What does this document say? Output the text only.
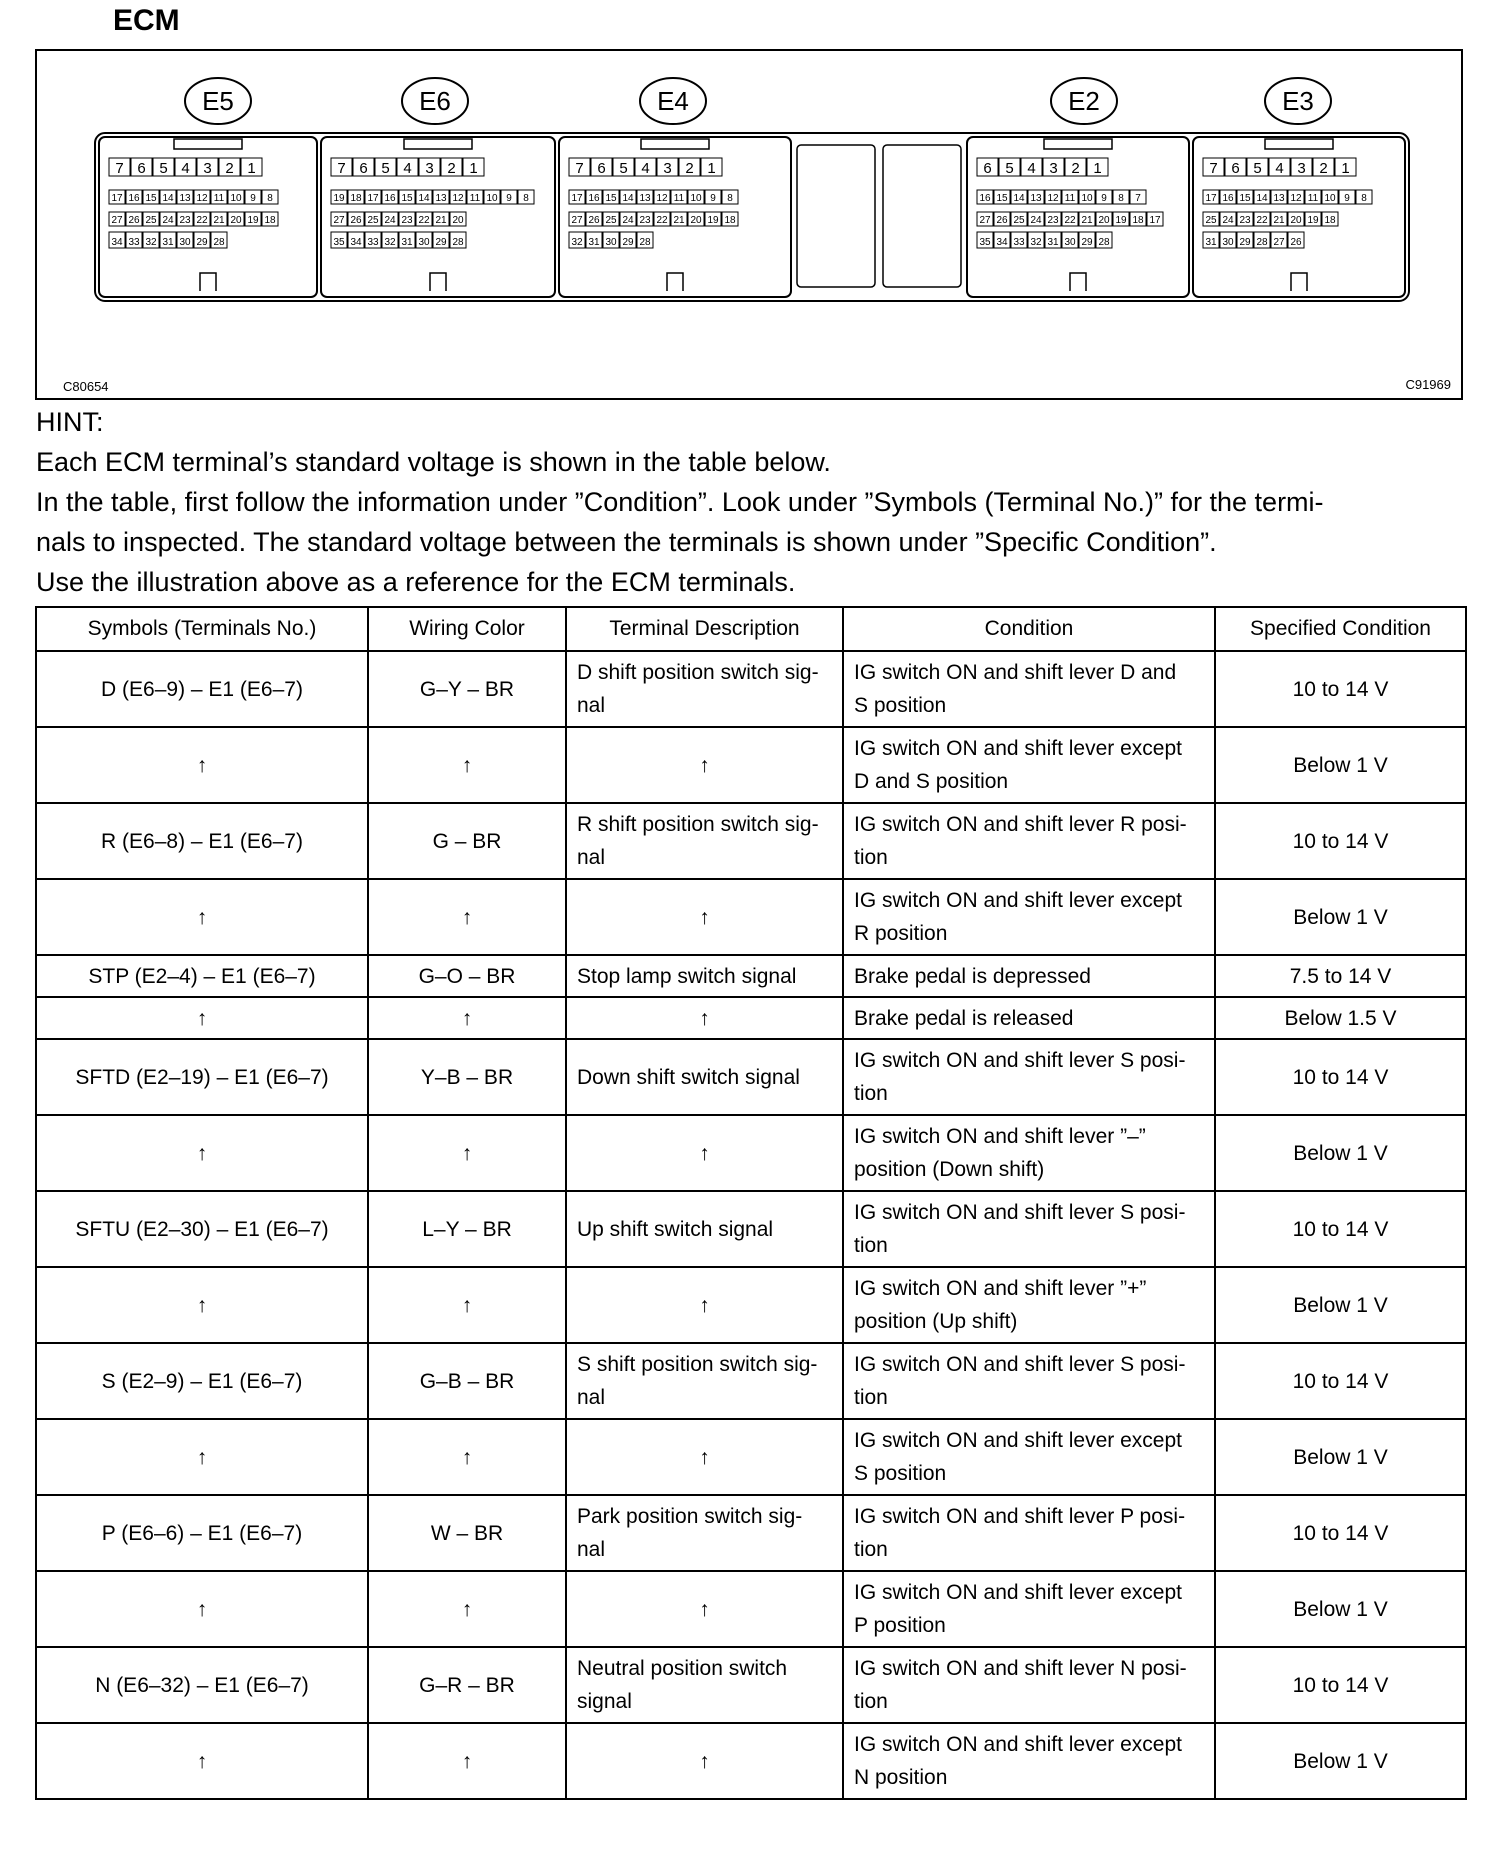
ECM
E5
7 6 5 4 3 2 1
17 16 15 14 13 12 11 10 9 8
27 26 25 24 23 22 21 20 19 18
34 33 32 31 30 29 28
E6
7 6 5 4 3 2 1
19 18 17 16 15 14 13 12 11 10 9 8
27 26 25 24 23 22 21 20
35 34 33 32 31 30 29 28
E4
7 6 5 4 3 2 1
17 16 15 14 13 12 11 10 9 8
27 26 25 24 23 22 21 20 19 18
32 31 30 29 28
E2
6 5 4 3 2 1
16 15 14 13 12 11 10 9 8 7
27 26 25 24 23 22 21 20 19 18 17
35 34 33 32 31 30 29 28
E3
7 6 5 4 3 2 1
17 16 15 14 13 12 11 10 9 8
25 24 23 22 21 20 19 18
31 30 29 28 27 26
C80654	C91969

HINT:

Each ECM terminal’s standard voltage is shown in the table below.

In the table, first follow the information under ”Condition”. Look under ”Symbols (Terminal No.)” for the termi-

nals to inspected. The standard voltage between the terminals is shown under ”Specific Condition”.

Use the illustration above as a reference for the ECM terminals.

Symbols (Terminals No.)	Wiring Color	Terminal Description	Condition	Specified Condition
D (E6–9) – E1 (E6–7)	G–Y – BR	D shift position switch sig-
nal	IG switch ON and shift lever D and
S position	10 to 14 V
↑	↑	↑	IG switch ON and shift lever except
D and S position	Below 1 V
R (E6–8) – E1 (E6–7)	G – BR	R shift position switch sig-
nal	IG switch ON and shift lever R posi-
tion	10 to 14 V
↑	↑	↑	IG switch ON and shift lever except
R position	Below 1 V
STP (E2–4) – E1 (E6–7)	G–O – BR	Stop lamp switch signal	Brake pedal is depressed	7.5 to 14 V
↑	↑	↑	Brake pedal is released	Below 1.5 V
SFTD (E2–19) – E1 (E6–7)	Y–B – BR	Down shift switch signal	IG switch ON and shift lever S posi-
tion	10 to 14 V
↑	↑	↑	IG switch ON and shift lever ”–”
position (Down shift)	Below 1 V
SFTU (E2–30) – E1 (E6–7)	L–Y – BR	Up shift switch signal	IG switch ON and shift lever S posi-
tion	10 to 14 V
↑	↑	↑	IG switch ON and shift lever ”+”
position (Up shift)	Below 1 V
S (E2–9) – E1 (E6–7)	G–B – BR	S shift position switch sig-
nal	IG switch ON and shift lever S posi-
tion	10 to 14 V
↑	↑	↑	IG switch ON and shift lever except
S position	Below 1 V
P (E6–6) – E1 (E6–7)	W – BR	Park position switch sig-
nal	IG switch ON and shift lever P posi-
tion	10 to 14 V
↑	↑	↑	IG switch ON and shift lever except
P position	Below 1 V
N (E6–32) – E1 (E6–7)	G–R – BR	Neutral position switch
signal	IG switch ON and shift lever N posi-
tion	10 to 14 V
↑	↑	↑	IG switch ON and shift lever except
N position	Below 1 V
